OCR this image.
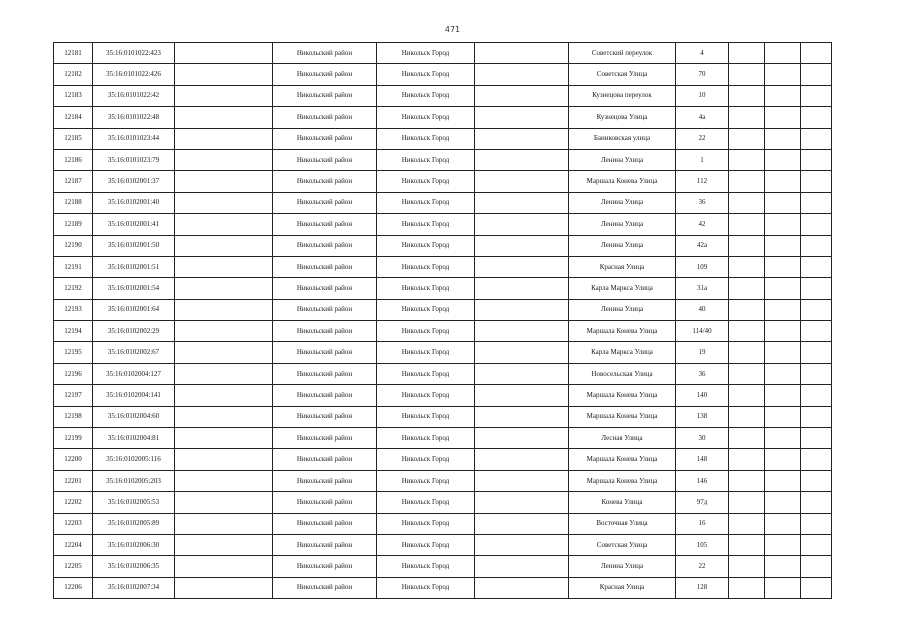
471
12181	35:16:0101022:423		Никольский район	Никольск Город		Советский переулок	4			
12182	35:16:0101022:426		Никольский район	Никольск Город		Советская Улица	70			
12183	35:16:0101022:42		Никольский район	Никольск Город		Кузнецова переулок	10			
12184	35:16:0101022:48		Никольский район	Никольск Город		Кузнецова Улица	4а			
12185	35:16:0101023:44		Никольский район	Никольск Город		Баниковская улица	22			
12186	35:16:0101023:79		Никольский район	Никольск Город		Ленина Улица	1			
12187	35:16:0102001:37		Никольский район	Никольск Город		Маршала Конева Улица	112			
12188	35:16:0102001:40		Никольский район	Никольск Город		Ленина Улица	36			
12189	35:16:0102001:41		Никольский район	Никольск Город		Ленина Улица	42			
12190	35:16:0102001:50		Никольский район	Никольск Город		Ленина Улица	42а			
12191	35:16:0102001:51		Никольский район	Никольск Город		Красная Улица	109			
12192	35:16:0102001:54		Никольский район	Никольск Город		Карла Маркса Улица	31а			
12193	35:16:0102001:64		Никольский район	Никольск Город		Ленина Улица	40			
12194	35:16:0102002:29		Никольский район	Никольск Город		Маршала Конева Улица	114/40			
12195	35:16:0102002:67		Никольский район	Никольск Город		Карла Маркса Улица	19			
12196	35:16:0102004:127		Никольский район	Никольск Город		Новосельская Улица	36			
12197	35:16:0102004:141		Никольский район	Никольск Город		Маршала Конева Улица	140			
12198	35:16:0102004:60		Никольский район	Никольск Город		Маршала Конева Улица	138			
12199	35:16:0102004:81		Никольский район	Никольск Город		Лесная Улица	30			
12200	35:16:0102005:116		Никольский район	Никольск Город		Маршала Конева Улица	148			
12201	35:16:0102005:203		Никольский район	Никольск Город		Маршала Конева Улица	146			
12202	35:16:0102005:53		Никольский район	Никольск Город		Конева Улица	97д			
12203	35:16:0102005:89		Никольский район	Никольск Город		Восточная Улица	16			
12204	35:16:0102006:30		Никольский район	Никольск Город		Советская Улица	105			
12205	35:16:0102006:35		Никольский район	Никольск Город		Ленина Улица	22			
12206	35:16:0102007:34		Никольский район	Никольск Город		Красная Улица	128			
